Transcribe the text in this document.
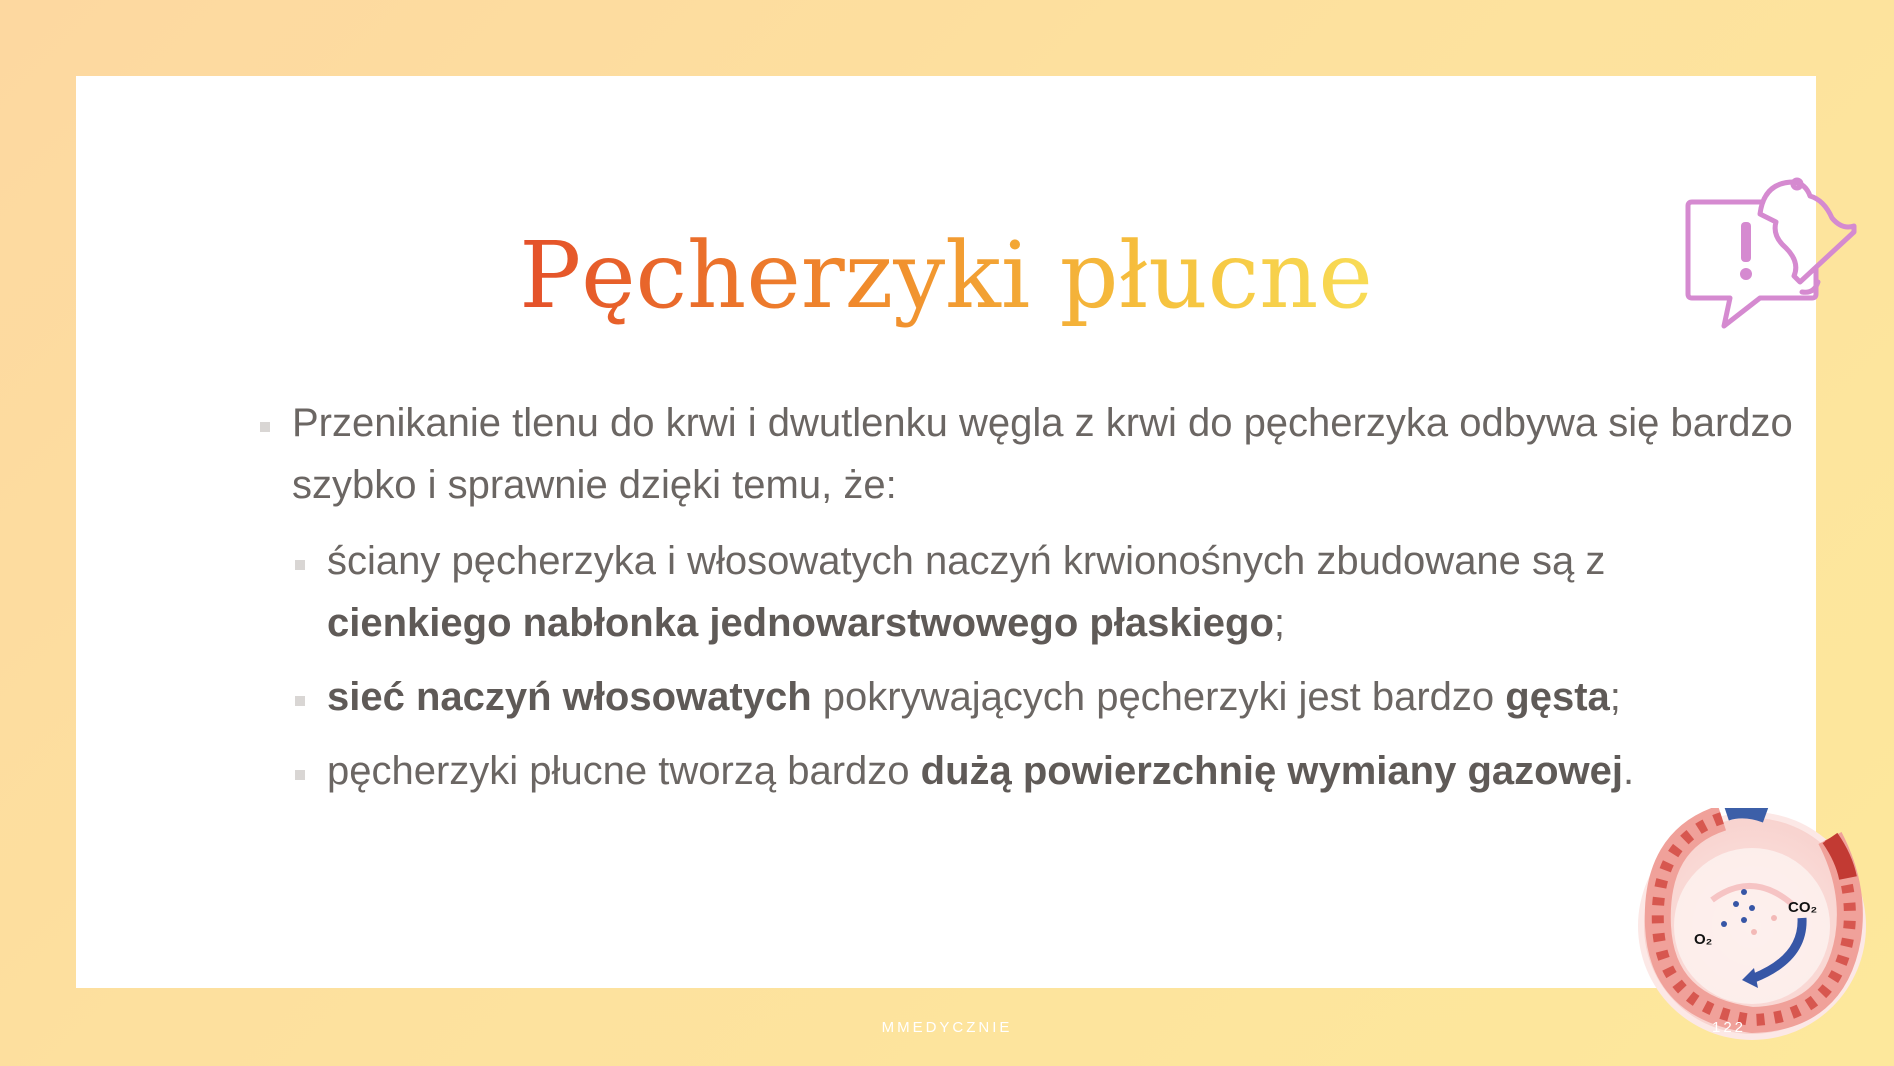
Pęcherzyki płucne
Przenikanie tlenu do krwi i dwutlenku węgla z krwi do pęcherzyka odbywa się bardzo szybko i sprawnie dzięki temu, że:
ściany pęcherzyka i włosowatych naczyń krwionośnych zbudowane są z cienkiego nabłonka jednowarstwowego płaskiego;
sieć naczyń włosowatych pokrywających pęcherzyki jest bardzo gęsta;
pęcherzyki płucne tworzą bardzo dużą powierzchnię wymiany gazowej.
CO₂
O₂
MMEDYCZNIE	122
